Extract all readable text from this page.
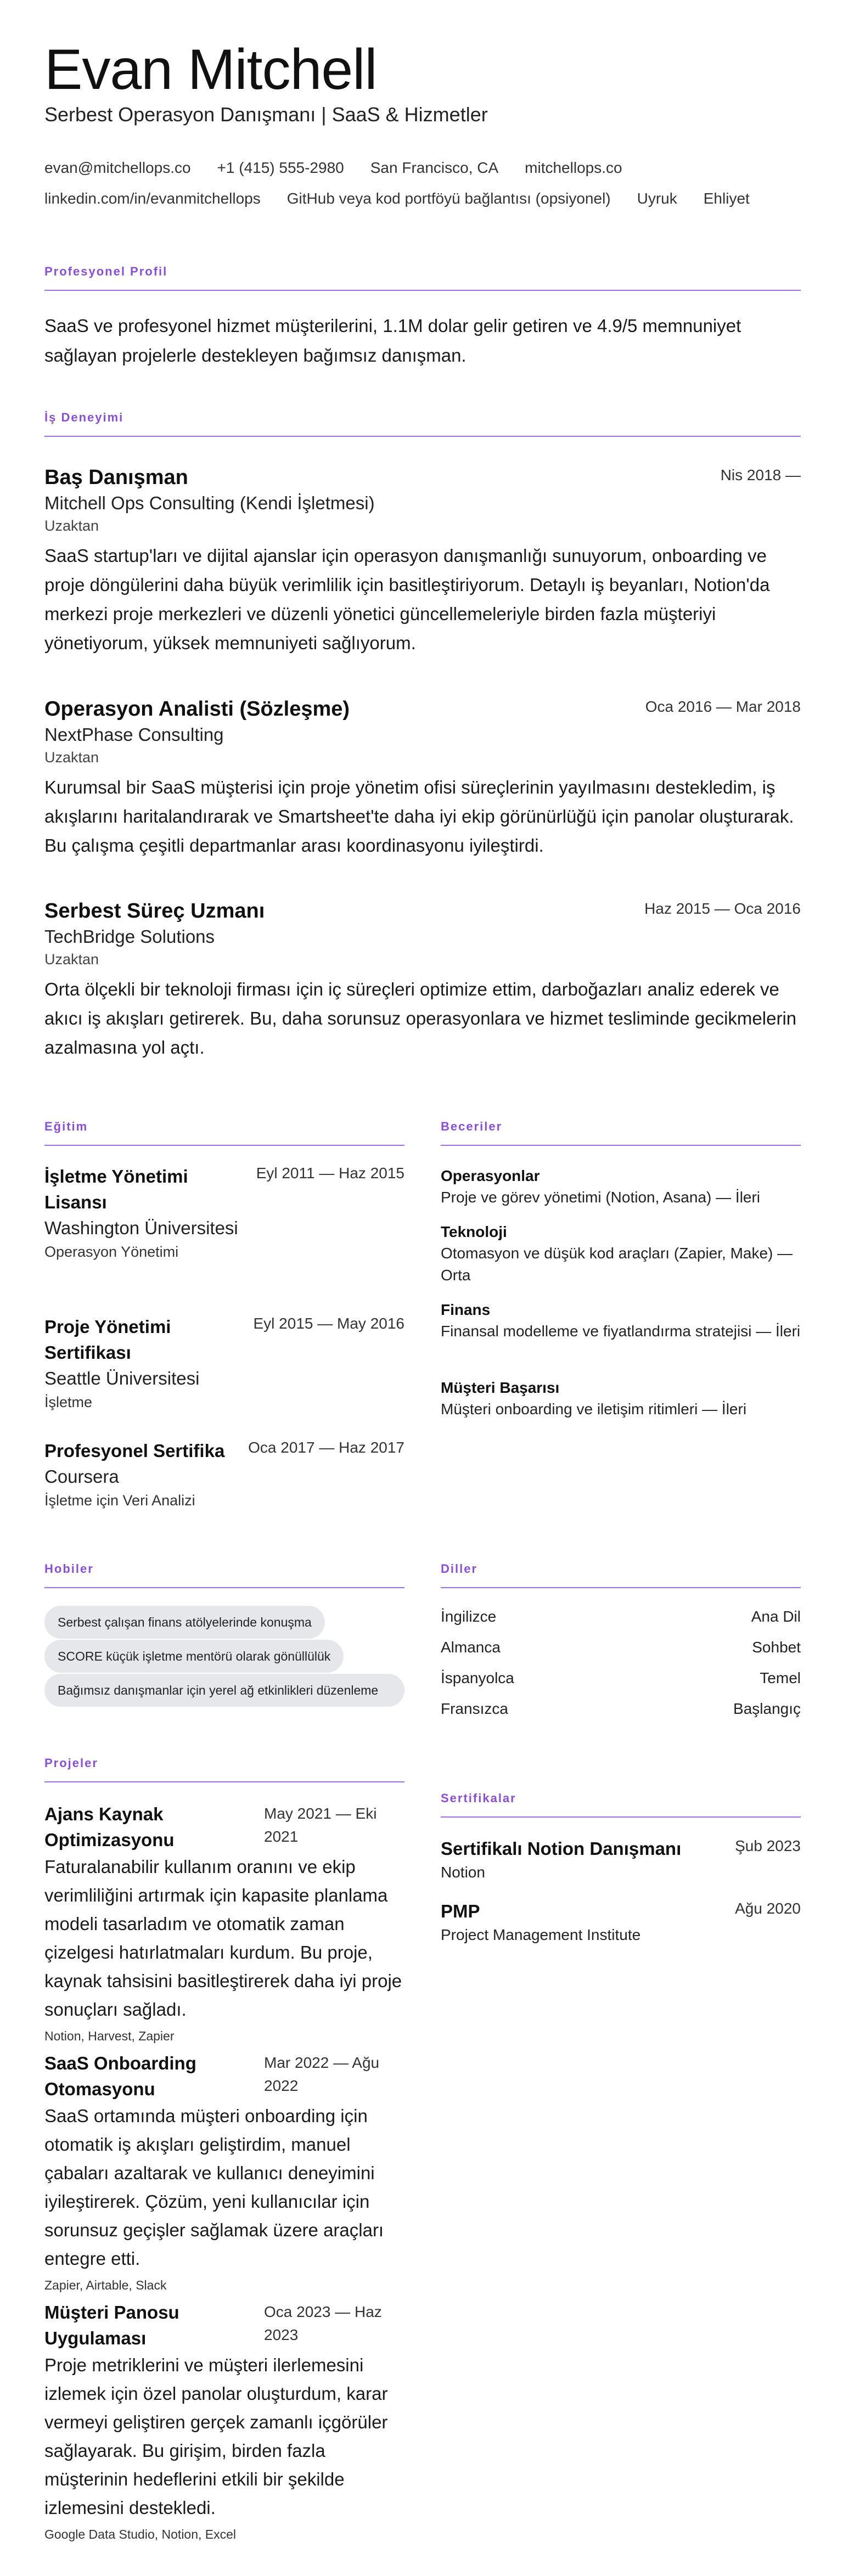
Evan Mitchell
Serbest Operasyon Danışmanı | SaaS & Hizmetler
evan@mitchellops.co +1 (415) 555-2980 San Francisco, CA mitchellops.co
linkedin.com/in/evanmitchellops GitHub veya kod portföyü bağlantısı (opsiyonel) Uyruk Ehliyet
Profesyonel Profil
SaaS ve profesyonel hizmet müşterilerini, 1.1M dolar gelir getiren ve 4.9/5 memnuniyet sağlayan projelerle destekleyen bağımsız danışman.
İş Deneyimi
Baş Danışman	Nis 2018 —
Mitchell Ops Consulting (Kendi İşletmesi)
Uzaktan
SaaS startup'ları ve dijital ajanslar için operasyon danışmanlığı sunuyorum, onboarding ve proje döngülerini daha büyük verimlilik için basitleştiriyorum. Detaylı iş beyanları, Notion'da merkezi proje merkezleri ve düzenli yönetici güncellemeleriyle birden fazla müşteriyi yönetiyorum, yüksek memnuniyeti sağlıyorum.
Operasyon Analisti (Sözleşme)	Oca 2016 — Mar 2018
NextPhase Consulting
Uzaktan
Kurumsal bir SaaS müşterisi için proje yönetim ofisi süreçlerinin yayılmasını destekledim, iş akışlarını haritalandırarak ve Smartsheet'te daha iyi ekip görünürlüğü için panolar oluşturarak. Bu çalışma çeşitli departmanlar arası koordinasyonu iyileştirdi.
Serbest Süreç Uzmanı	Haz 2015 — Oca 2016
TechBridge Solutions
Uzaktan
Orta ölçekli bir teknoloji firması için iç süreçleri optimize ettim, darboğazları analiz ederek ve akıcı iş akışları getirerek. Bu, daha sorunsuz operasyonlara ve hizmet tesliminde gecikmelerin azalmasına yol açtı.
Eğitim
İşletme Yönetimi Lisansı
Eyl 2011 — Haz 2015
Washington Üniversitesi
Operasyon Yönetimi
Proje Yönetimi Sertifikası
Eyl 2015 — May 2016
Seattle Üniversitesi
İşletme
Profesyonel Sertifika	Oca 2017 — Haz 2017
Coursera
İşletme için Veri Analizi
Beceriler
Operasyonlar
Proje ve görev yönetimi (Notion, Asana) — İleri
Teknoloji
Otomasyon ve düşük kod araçları (Zapier, Make) — Orta
Finans
Finansal modelleme ve fiyatlandırma stratejisi — İleri
Müşteri Başarısı
Müşteri onboarding ve iletişim ritimleri — İleri
Hobiler
Serbest çalışan finans atölyelerinde konuşma
SCORE küçük işletme mentörü olarak gönüllülük
Bağımsız danışmanlar için yerel ağ etkinlikleri düzenleme
Diller
İngilizce	Ana Dil
Almanca	Sohbet
İspanyolca	Temel
Fransızca	Başlangıç
Projeler
Ajans Kaynak Optimizasyonu
May 2021 — Eki 2021
Faturalanabilir kullanım oranını ve ekip verimliliğini artırmak için kapasite planlama modeli tasarladım ve otomatik zaman çizelgesi hatırlatmaları kurdum. Bu proje, kaynak tahsisini basitleştirerek daha iyi proje sonuçları sağladı.
Notion, Harvest, Zapier
SaaS Onboarding Otomasyonu
Mar 2022 — Ağu 2022
SaaS ortamında müşteri onboarding için otomatik iş akışları geliştirdim, manuel çabaları azaltarak ve kullanıcı deneyimini iyileştirerek. Çözüm, yeni kullanıcılar için sorunsuz geçişler sağlamak üzere araçları entegre etti.
Zapier, Airtable, Slack
Müşteri Panosu Uygulaması
Oca 2023 — Haz 2023
Proje metriklerini ve müşteri ilerlemesini izlemek için özel panolar oluşturdum, karar vermeyi geliştiren gerçek zamanlı içgörüler sağlayarak. Bu girişim, birden fazla müşterinin hedeflerini etkili bir şekilde izlemesini destekledi.
Google Data Studio, Notion, Excel
Sertifikalar
Sertifikalı Notion Danışmanı	Şub 2023
Notion
PMP	Ağu 2020
Project Management Institute
